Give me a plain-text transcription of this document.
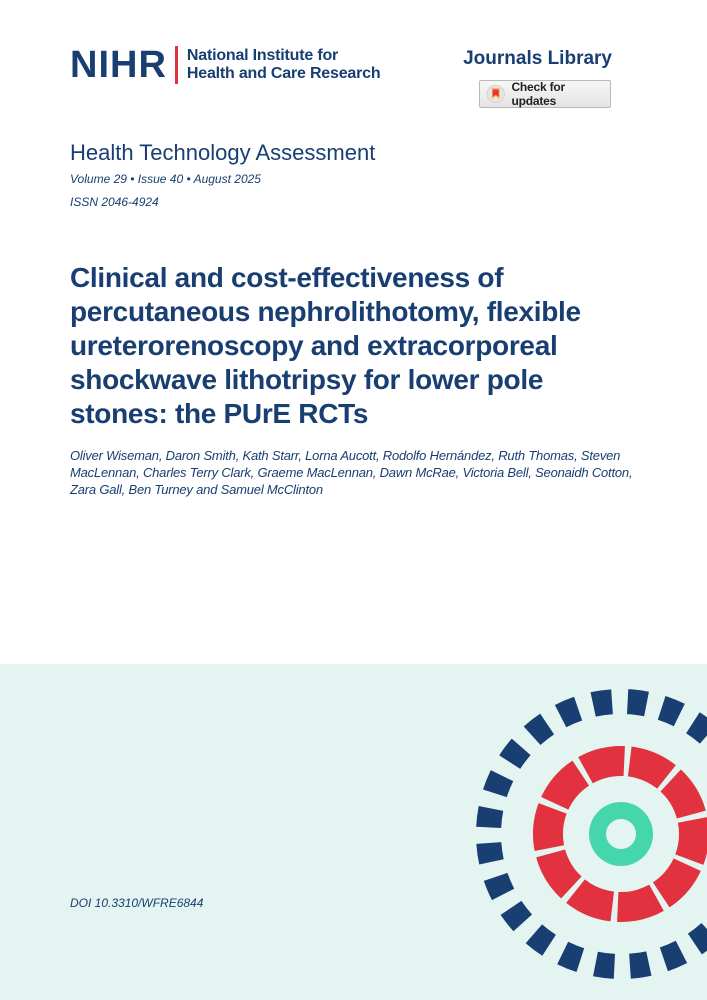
NIHR National Institute for
Health and Care Research
Journals Library
Check for updates
Health Technology Assessment
Volume 29 • Issue 40 • August 2025
ISSN 2046-4924
Clinical and cost-effectiveness of percutaneous nephrolithotomy, flexible ureterorenoscopy and extracorporeal shockwave lithotripsy for lower pole stones: the PUrE RCTs
Oliver Wiseman, Daron Smith, Kath Starr, Lorna Aucott, Rodolfo Hernández, Ruth Thomas, Steven MacLennan, Charles Terry Clark, Graeme MacLennan, Dawn McRae, Victoria Bell, Seonaidh Cotton, Zara Gall, Ben Turney and Samuel McClinton
DOI 10.3310/WFRE6844
